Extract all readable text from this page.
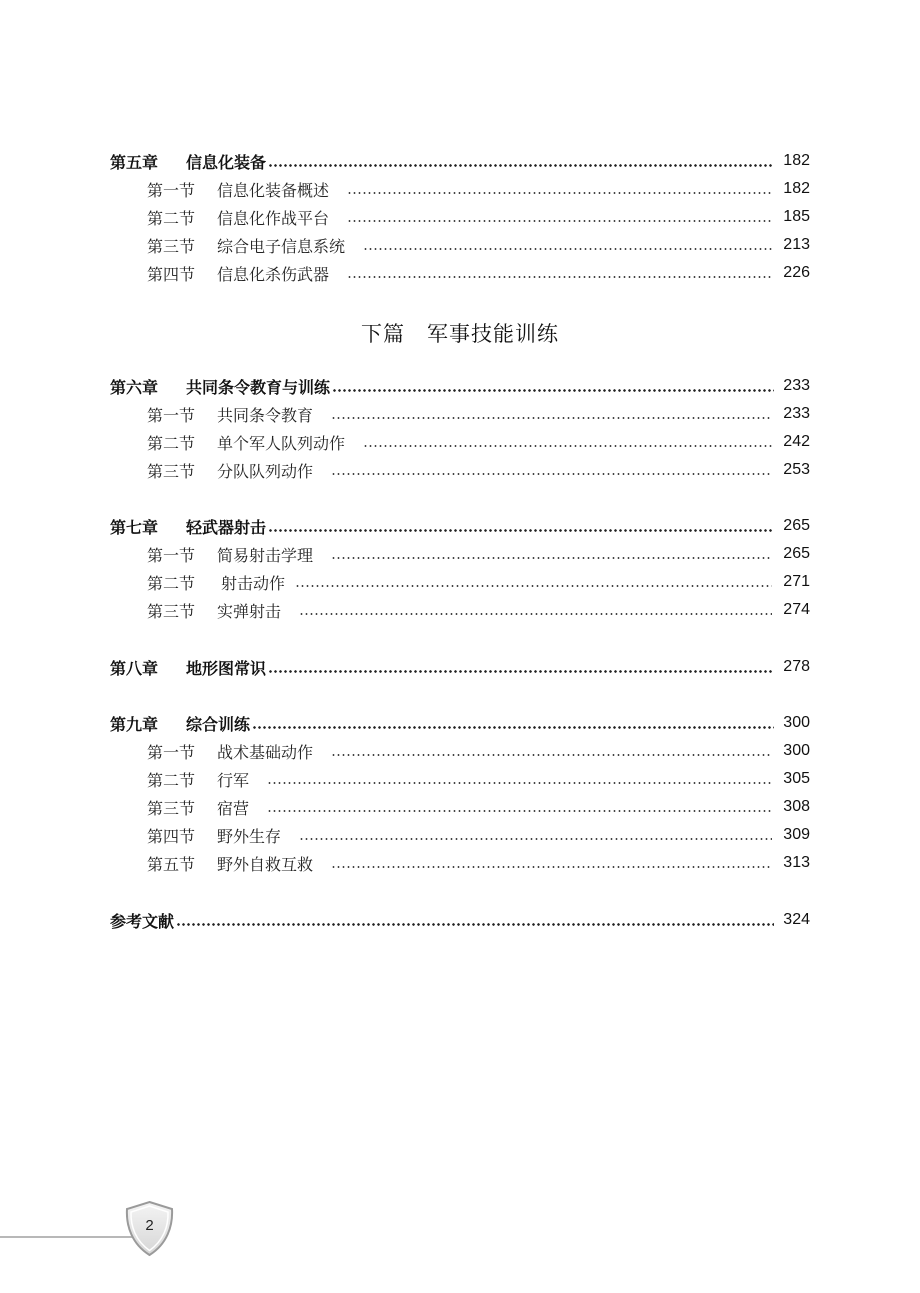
第五章 信息化装备	182
第一节 信息化装备概述	182
第二节 信息化作战平台	185
第三节 综合电子信息系统	213
第四节 信息化杀伤武器	226
下篇　军事技能训练
第六章 共同条令教育与训练	233
第一节 共同条令教育	233
第二节 单个军人队列动作	242
第三节 分队队列动作	253
第七章 轻武器射击	265
第一节 简易射击学理	265
第二节 射击动作	271
第三节 实弹射击	274
第八章 地形图常识	278
第九章 综合训练	300
第一节 战术基础动作	300
第二节 行军	305
第三节 宿营	308
第四节 野外生存	309
第五节 野外自救互救	313
参考文献	324
2
